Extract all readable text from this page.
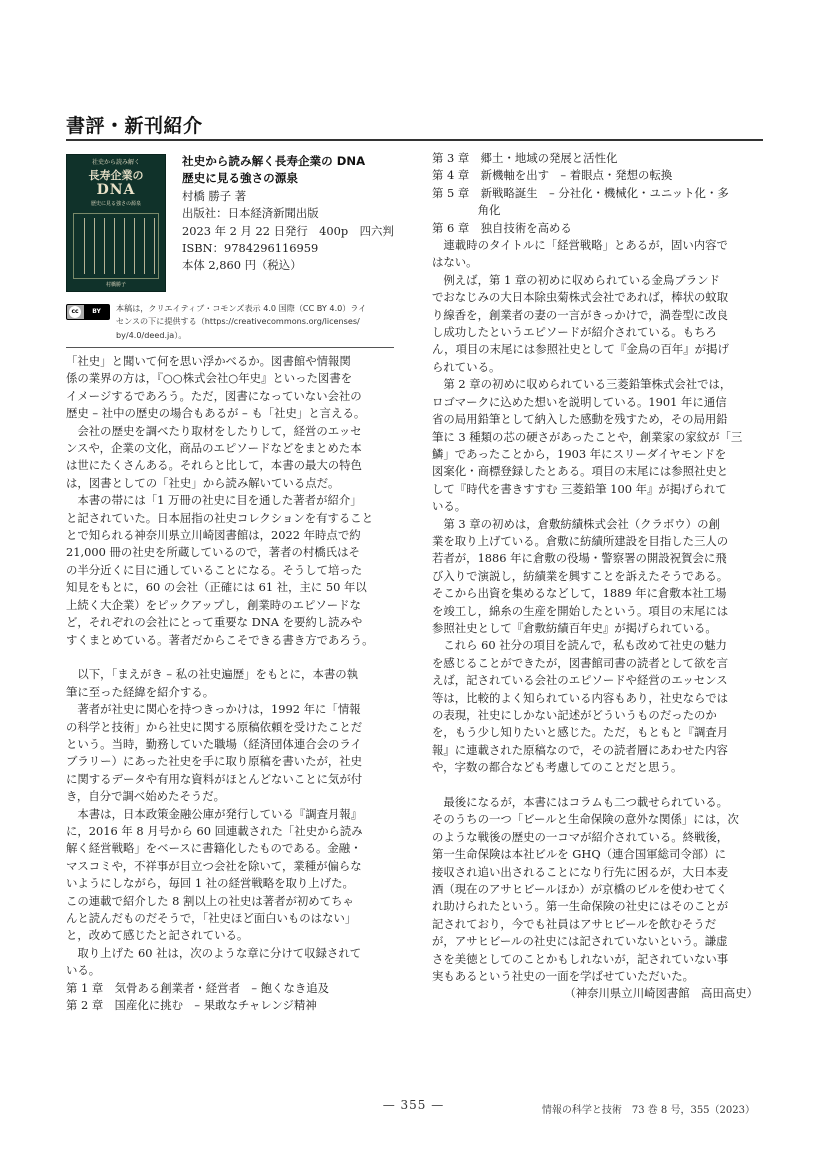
書評・新刊紹介
社史から読み解く
長寿企業の
DNA
歴史に見る強さの源泉
村橋勝子
社史から読み解く長寿企業の DNA
歴史に見る強さの源泉
村橋 勝子 著
出版社：日本経済新聞出版
2023 年 2 月 22 日発行　400p　四六判
ISBN：9784296116959
本体 2,860 円（税込）
cc	BY	本稿は，クリエイティブ・コモンズ表示 4.0 国際（CC BY 4.0）ライ
センスの下に提供する（https://creativecommons.org/licenses/
by/4.0/deed.ja）。

「社史」と聞いて何を思い浮かべるか。図書館や情報関

係の業界の方は，『○○株式会社○年史』といった図書を

イメージするであろう。ただ，図書になっていない会社の

歴史 – 社中の歴史の場合もあるが – も「社史」と言える。

　会社の歴史を調べたり取材をしたりして，経営のエッセ

ンスや，企業の文化，商品のエピソードなどをまとめた本

は世にたくさんある。それらと比して，本書の最大の特色

は，図書としての「社史」から読み解いている点だ。

　本書の帯には「1 万冊の社史に目を通した著者が紹介」

と記されていた。日本屈指の社史コレクションを有すること

とで知られる神奈川県立川崎図書館は，2022 年時点で約

21,000 冊の社史を所蔵しているので，著者の村橋氏はそ

の半分近くに目に通していることになる。そうして培った

知見をもとに，60 の会社（正確には 61 社，主に 50 年以

上続く大企業）をピックアップし，創業時のエピソードな

ど，それぞれの会社にとって重要な DNA を要約し読みや

すくまとめている。著者だからこそできる書き方であろう。

　以下，「まえがき – 私の社史遍歴」をもとに，本書の執

筆に至った経緯を紹介する。

　著者が社史に関心を持つきっかけは，1992 年に「情報

の科学と技術」から社史に関する原稿依頼を受けたことだ

という。当時，勤務していた職場（経済団体連合会のライ

ブラリー）にあった社史を手に取り原稿を書いたが，社史

に関するデータや有用な資料がほとんどないことに気が付

き，自分で調べ始めたそうだ。

　本書は，日本政策金融公庫が発行している『調査月報』

に，2016 年 8 月号から 60 回連載された「社史から読み

解く経営戦略」をベースに書籍化したものである。金融・

マスコミや，不祥事が目立つ会社を除いて，業種が偏らな

いようにしながら，毎回 1 社の経営戦略を取り上げた。

この連載で紹介した 8 割以上の社史は著者が初めてちゃ

んと読んだものだそうで，「社史ほど面白いものはない」

と，改めて感じたと記されている。

　取り上げた 60 社は，次のような章に分けて収録されて

いる。

第 1 章　気骨ある創業者・経営者　– 飽くなき追及

第 2 章　国産化に挑む　– 果敢なチャレンジ精神

第 3 章　郷土・地域の発展と活性化

第 4 章　新機軸を出す　– 着眼点・発想の転換

第 5 章　新戦略誕生　– 分社化・機械化・ユニット化・多

　　　　角化

第 6 章　独自技術を高める

　連載時のタイトルに「経営戦略」とあるが，固い内容で

はない。

　例えば，第 1 章の初めに収められている金鳥ブランド

でおなじみの大日本除虫菊株式会社であれば，棒状の蚊取

り線香を，創業者の妻の一言がきっかけで，渦巻型に改良

し成功したというエピソードが紹介されている。もちろ

ん，項目の末尾には参照社史として『金鳥の百年』が掲げ

られている。

　第 2 章の初めに収められている三菱鉛筆株式会社では，

ロゴマークに込めた想いを説明している。1901 年に通信

省の局用鉛筆として納入した感動を残すため，その局用鉛

筆に 3 種類の芯の硬さがあったことや，創業家の家紋が「三

鱗」であったことから，1903 年にスリーダイヤモンドを

図案化・商標登録したとある。項目の末尾には参照社史と

して『時代を書きすすむ 三菱鉛筆 100 年』が掲げられて

いる。

　第 3 章の初めは，倉敷紡績株式会社（クラボウ）の創

業を取り上げている。倉敷に紡績所建設を目指した三人の

若者が，1886 年に倉敷の役場・警察署の開設祝賀会に飛

び入りで演説し，紡績業を興すことを訴えたそうである。

そこから出資を集めるなどして，1889 年に倉敷本社工場

を竣工し，綿糸の生産を開始したという。項目の末尾には

参照社史として『倉敷紡績百年史』が掲げられている。

　これら 60 社分の項目を読んで，私も改めて社史の魅力

を感じることができたが，図書館司書の読者として欲を言

えば，記されている会社のエピソードや経営のエッセンス

等は，比較的よく知られている内容もあり，社史ならでは

の表現，社史にしかない記述がどういうものだったのか

を，もう少し知りたいと感じた。ただ，もともと『調査月

報』に連載された原稿なので，その読者層にあわせた内容

や，字数の都合なども考慮してのことだと思う。

　最後になるが，本書にはコラムも二つ載せられている。

そのうちの一つ「ビールと生命保険の意外な関係」には，次

のような戦後の歴史の一コマが紹介されている。終戦後，

第一生命保険は本社ビルを GHQ（連合国軍総司令部）に

接収され追い出されることになり行先に困るが，大日本麦

酒（現在のアサヒビールほか）が京橋のビルを使わせてく

れ助けられたという。第一生命保険の社史にはそのことが

記されており，今でも社員はアサヒビールを飲むそうだ

が，アサヒビールの社史には記されていないという。謙虚

さを美徳としてのことかもしれないが，記されていない事

実もあるという社史の一面を学ばせていただいた。

（神奈川県立川崎図書館　高田高史）

— 355 —	情報の科学と技術　73 巻 8 号，355（2023）
